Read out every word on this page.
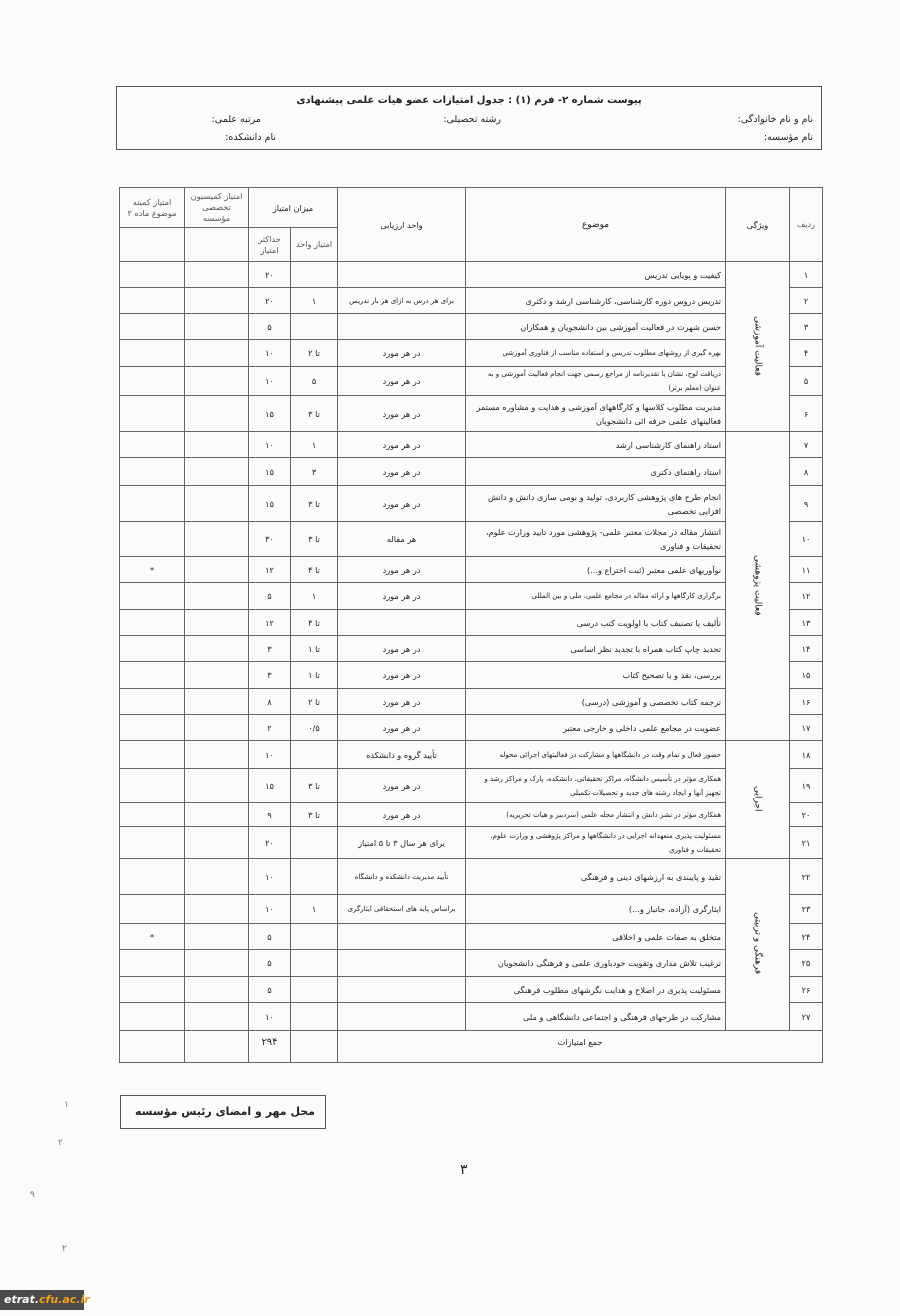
پیوست شماره ۲- فرم (۱) : جدول امتیازات عضو هیات علمی پیشنهادی
نام و نام خانوادگی:
رشته تحصیلی:
مرتبه علمی:
نام مؤسسه:
نام دانشکده:
ردیف	ویژگی	موضوع	واحد ارزیابی	میزان امتیاز		امتیاز کمیسیون تخصصی مؤسسه	امتیاز کمیته موضوع ماده ۲
				امتیاز واحد	حداکثر امتیاز		
۱	فعالیت آموزشی	کیفیت و پویایی تدریس			۲۰		
۲		تدریس دروس دوره کارشناسی، کارشناسی ارشد و دکتری	برای هر درس به ازای هر بار تدریس	۱	۲۰		
۳		حسن شهرت در فعالیت آموزشی بین دانشجویان و همکاران			۵		
۴		بهره گیری از روشهای مطلوب تدریس و استفاده مناسب از فناوری آموزشی	در هر مورد	تا ۲	۱۰		
۵		دریافت لوح، نشان یا تقدیرنامه از مراجع رسمی جهت انجام فعالیت آموزشی و به عنوان (معلم برتر)	در هر مورد	۵	۱۰		
۶		مدیریت مطلوب کلاسها و کارگاههای آموزشی و هدایت و مشاوره مستمر فعالیتهای علمی حرفه ائی دانشجویان	در هر مورد	تا ۳	۱۵		
۷	فعالیت پژوهشی	استاد راهنمای کارشناسی ارشد	در هر مورد	۱	۱۰		
۸		استاد راهنمای دکتری	در هر مورد	۳	۱۵		
۹		انجام طرح های پژوهشی کاربردی، تولید و بومی سازی دانش و دانش افزایی تخصصی	در هر مورد	تا ۳	۱۵		
۱۰		انتشار مقاله در مجلات معتبر علمی- پژوهشی مورد تایید وزارت علوم، تحقیقات و فناوری	هر مقاله	تا ۳	۳۰		
۱۱		نوآوریهای علمی معتبر (ثبت اختراع و...)	در هر مورد	تا ۴	۱۲		*
۱۲		برگزاری کارگاهها و ارائه مقاله در مجامع علمی، ملی و بین المللی	در هر مورد	۱	۵		
۱۳		تألیف یا تصنیف کتاب با اولویت کتب درسی		تا ۴	۱۲		
۱۴		تجدید چاپ کتاب همراه با تجدید نظر اساسی	در هر مورد	تا ۱	۳		
۱۵		بررسی، نقد و یا تصحیح کتاب	در هر مورد	تا ۱	۳		
۱۶		ترجمه کتاب تخصصی و آموزشی (درسی)	در هر مورد	تا ۲	۸		
۱۷		عضویت در مجامع علمی داخلی و خارجی معتبر	در هر مورد	۰/۵	۲		
۱۸	اجرایی	حضور فعال و تمام وقت در دانشگاهها و مشارکت در فعالیتهای اجرائی محوله	تأیید گروه و دانشکده		۱۰		
۱۹		همکاری مؤثر در تأسیس دانشگاه، مراکز تحقیقاتی، دانشکده، پارک و مراکز رشد و تجهیز آنها و ایجاد رشته های جدید و تحصیلات تکمیلی	در هر مورد	تا ۳	۱۵		
۲۰		همکاری مؤثر در نشر دانش و انتشار مجله علمی (سردبیر و هیات تحریریه)	در هر مورد	تا ۳	۹		
۲۱		مسئولیت پذیری متعهدانه اجرایی در دانشگاهها و مراکز پژوهشی و وزارت علوم، تحقیقات و فناوری	برای هر سال ۳ تا ۵ امتیاز		۲۰		
۲۲	فرهنگی و تربیتی	تقید و پایبندی به ارزشهای دینی و فرهنگی	تأیید مدیریت دانشکده و دانشگاه		۱۰		
۲۳		ایثارگری (آزاده، جانباز و...)	براساس پایه های استحقاقی ایثارگری	۱	۱۰		
۲۴		متخلق به صفات علمی و اخلاقی			۵		*
۲۵		ترغیب تلاش مداری وتقویت خودباوری علمی و فرهنگی دانشجویان			۵		
۲۶		مسئولیت پذیری در اصلاح و هدایت نگرشهای مطلوب فرهنگی			۵		
۲۷		مشارکت در طرحهای فرهنگی و اجتماعی دانشگاهی و ملی			۱۰		
جمع امتیازات					۲۹۴		
محل مهر و امضای رئیس مؤسسه
۳
۱
۲
۹
۲
etrat.cfu.ac.ir
